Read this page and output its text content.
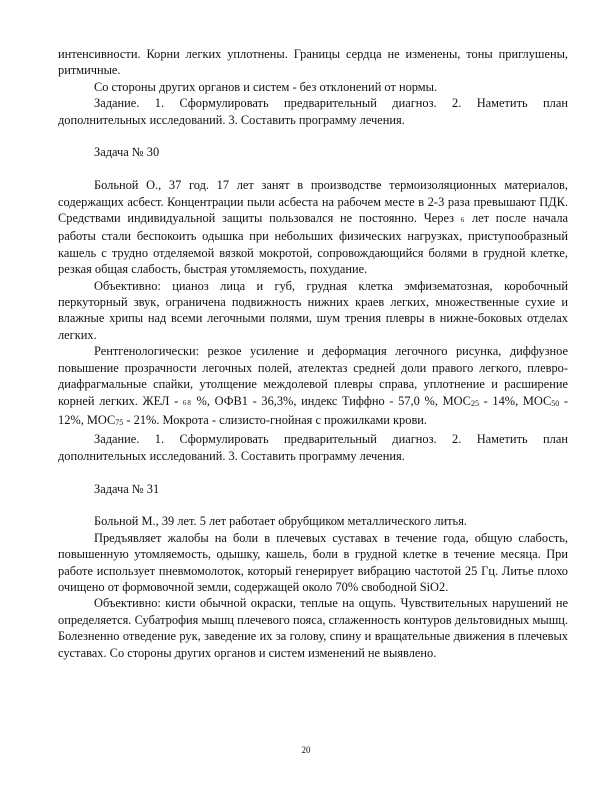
интенсивности. Корни легких уплотнены. Границы сердца не изменены, тоны приглушены, ритмичные.

Со стороны других органов и систем - без отклонений от нормы.

Задание. 1. Сформулировать предварительный диагноз. 2. Наметить план дополнительных исследований. 3. Составить программу лечения.

Задача № 30

Больной О., 37 год. 17 лет занят в производстве термоизоляционных материалов, содержащих асбест. Концентрации пыли асбеста на рабочем месте в 2-3 раза превышают ПДК. Средствами индивидуальной защиты пользовался не постоянно. Через 6 лет после начала работы стали беспокоить одышка при небольших физических нагрузках, приступообразный кашель с трудно отделяемой вязкой мокротой, сопровождающийся болями в грудной клетке, резкая общая слабость, быстрая утомляемость, похудание.

Объективно: цианоз лица и губ, грудная клетка эмфизематозная, коробочный перкуторный звук, ограничена подвижность нижних краев легких, множественные сухие и влажные хрипы над всеми легочными полями, шум трения плевры в нижне-боковых отделах легких.

Рентгенологически: резкое усиление и деформация легочного рисунка, диффузное повышение прозрачности легочных полей, ателектаз средней доли правого легкого, плевро-диафрагмальные спайки, утолщение междолевой плевры справа, уплотнение и расширение корней легких. ЖЕЛ - 68 %, ОФВ1 - 36,3%, индекс Тиффно - 57,0 %, МОС25 - 14%, МОС50 - 12%, МОС75 - 21%. Мокрота - слизисто-гнойная с прожилками крови.

Задание. 1. Сформулировать предварительный диагноз. 2. Наметить план дополнительных исследований. 3. Составить программу лечения.

Задача № 31

Больной М., 39 лет. 5 лет работает обрубщиком металлического литья.

Предъявляет жалобы на боли в плечевых суставах в течение года, общую слабость, повышенную утомляемость, одышку, кашель, боли в грудной клетке в течение месяца. При работе использует пневмомолоток, который генерирует вибрацию частотой 25 Гц. Литье плохо очищено от формовочной земли, содержащей около 70% свободной SiO2.

Объективно: кисти обычной окраски, теплые на ощупь. Чувствительных нарушений не определяется. Субатрофия мышц плечевого пояса, сглаженность контуров дельтовидных мышц. Болезненно отведение рук, заведение их за голову, спину и вращательные движения в плечевых суставах. Со стороны других органов и систем изменений не выявлено.

20
